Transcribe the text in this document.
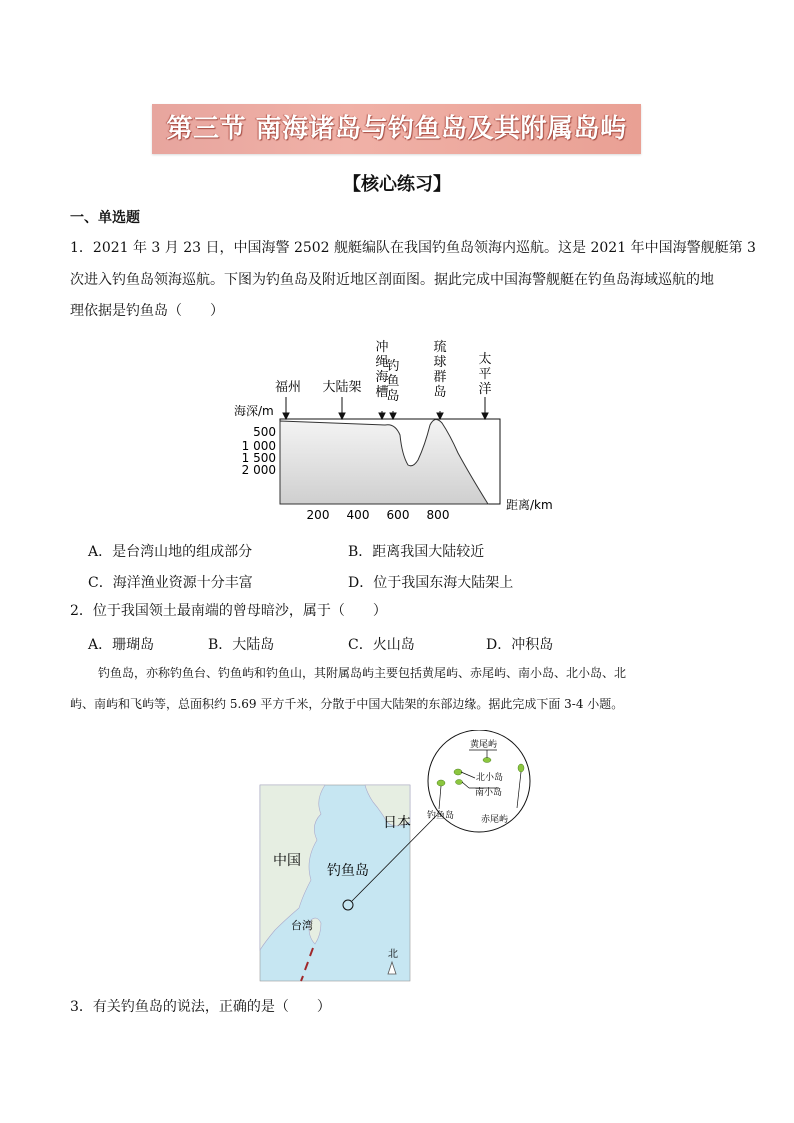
第三节 南海诸岛与钓鱼岛及其附属岛屿
【核心练习】
一、单选题
1．2021 年 3 月 23 日，中国海警 2502 舰艇编队在我国钓鱼岛领海内巡航。这是 2021 年中国海警舰艇第 3
次进入钓鱼岛领海巡航。下图为钓鱼岛及附近地区剖面图。据此完成中国海警舰艇在钓鱼岛海域巡航的地
理依据是钓鱼岛（　　）
冲绳海槽
琉球群岛
太平洋
钓鱼岛
福州 大陆架
海深/m
500
1 000
1 500
2 000
200 400 600 800
距离/km
A．是台湾山地的组成部分	B．距离我国大陆较近
C．海洋渔业资源十分丰富	D．位于我国东海大陆架上
2．位于我国领土最南端的曾母暗沙，属于（　　）
A．珊瑚岛	B．大陆岛	C．火山岛	D．冲积岛
钓鱼岛，亦称钓鱼台、钓鱼屿和钓鱼山，其附属岛屿主要包括黄尾屿、赤尾屿、南小岛、北小岛、北
屿、南屿和飞屿等，总面积约 5.69 平方千米，分散于中国大陆架的东部边缘。据此完成下面 3-4 小题。
中国
日本
钓鱼岛
台湾
北
黄尾屿
北小岛
南小岛
钓鱼岛	赤尾屿
3．有关钓鱼岛的说法，正确的是（　　）
